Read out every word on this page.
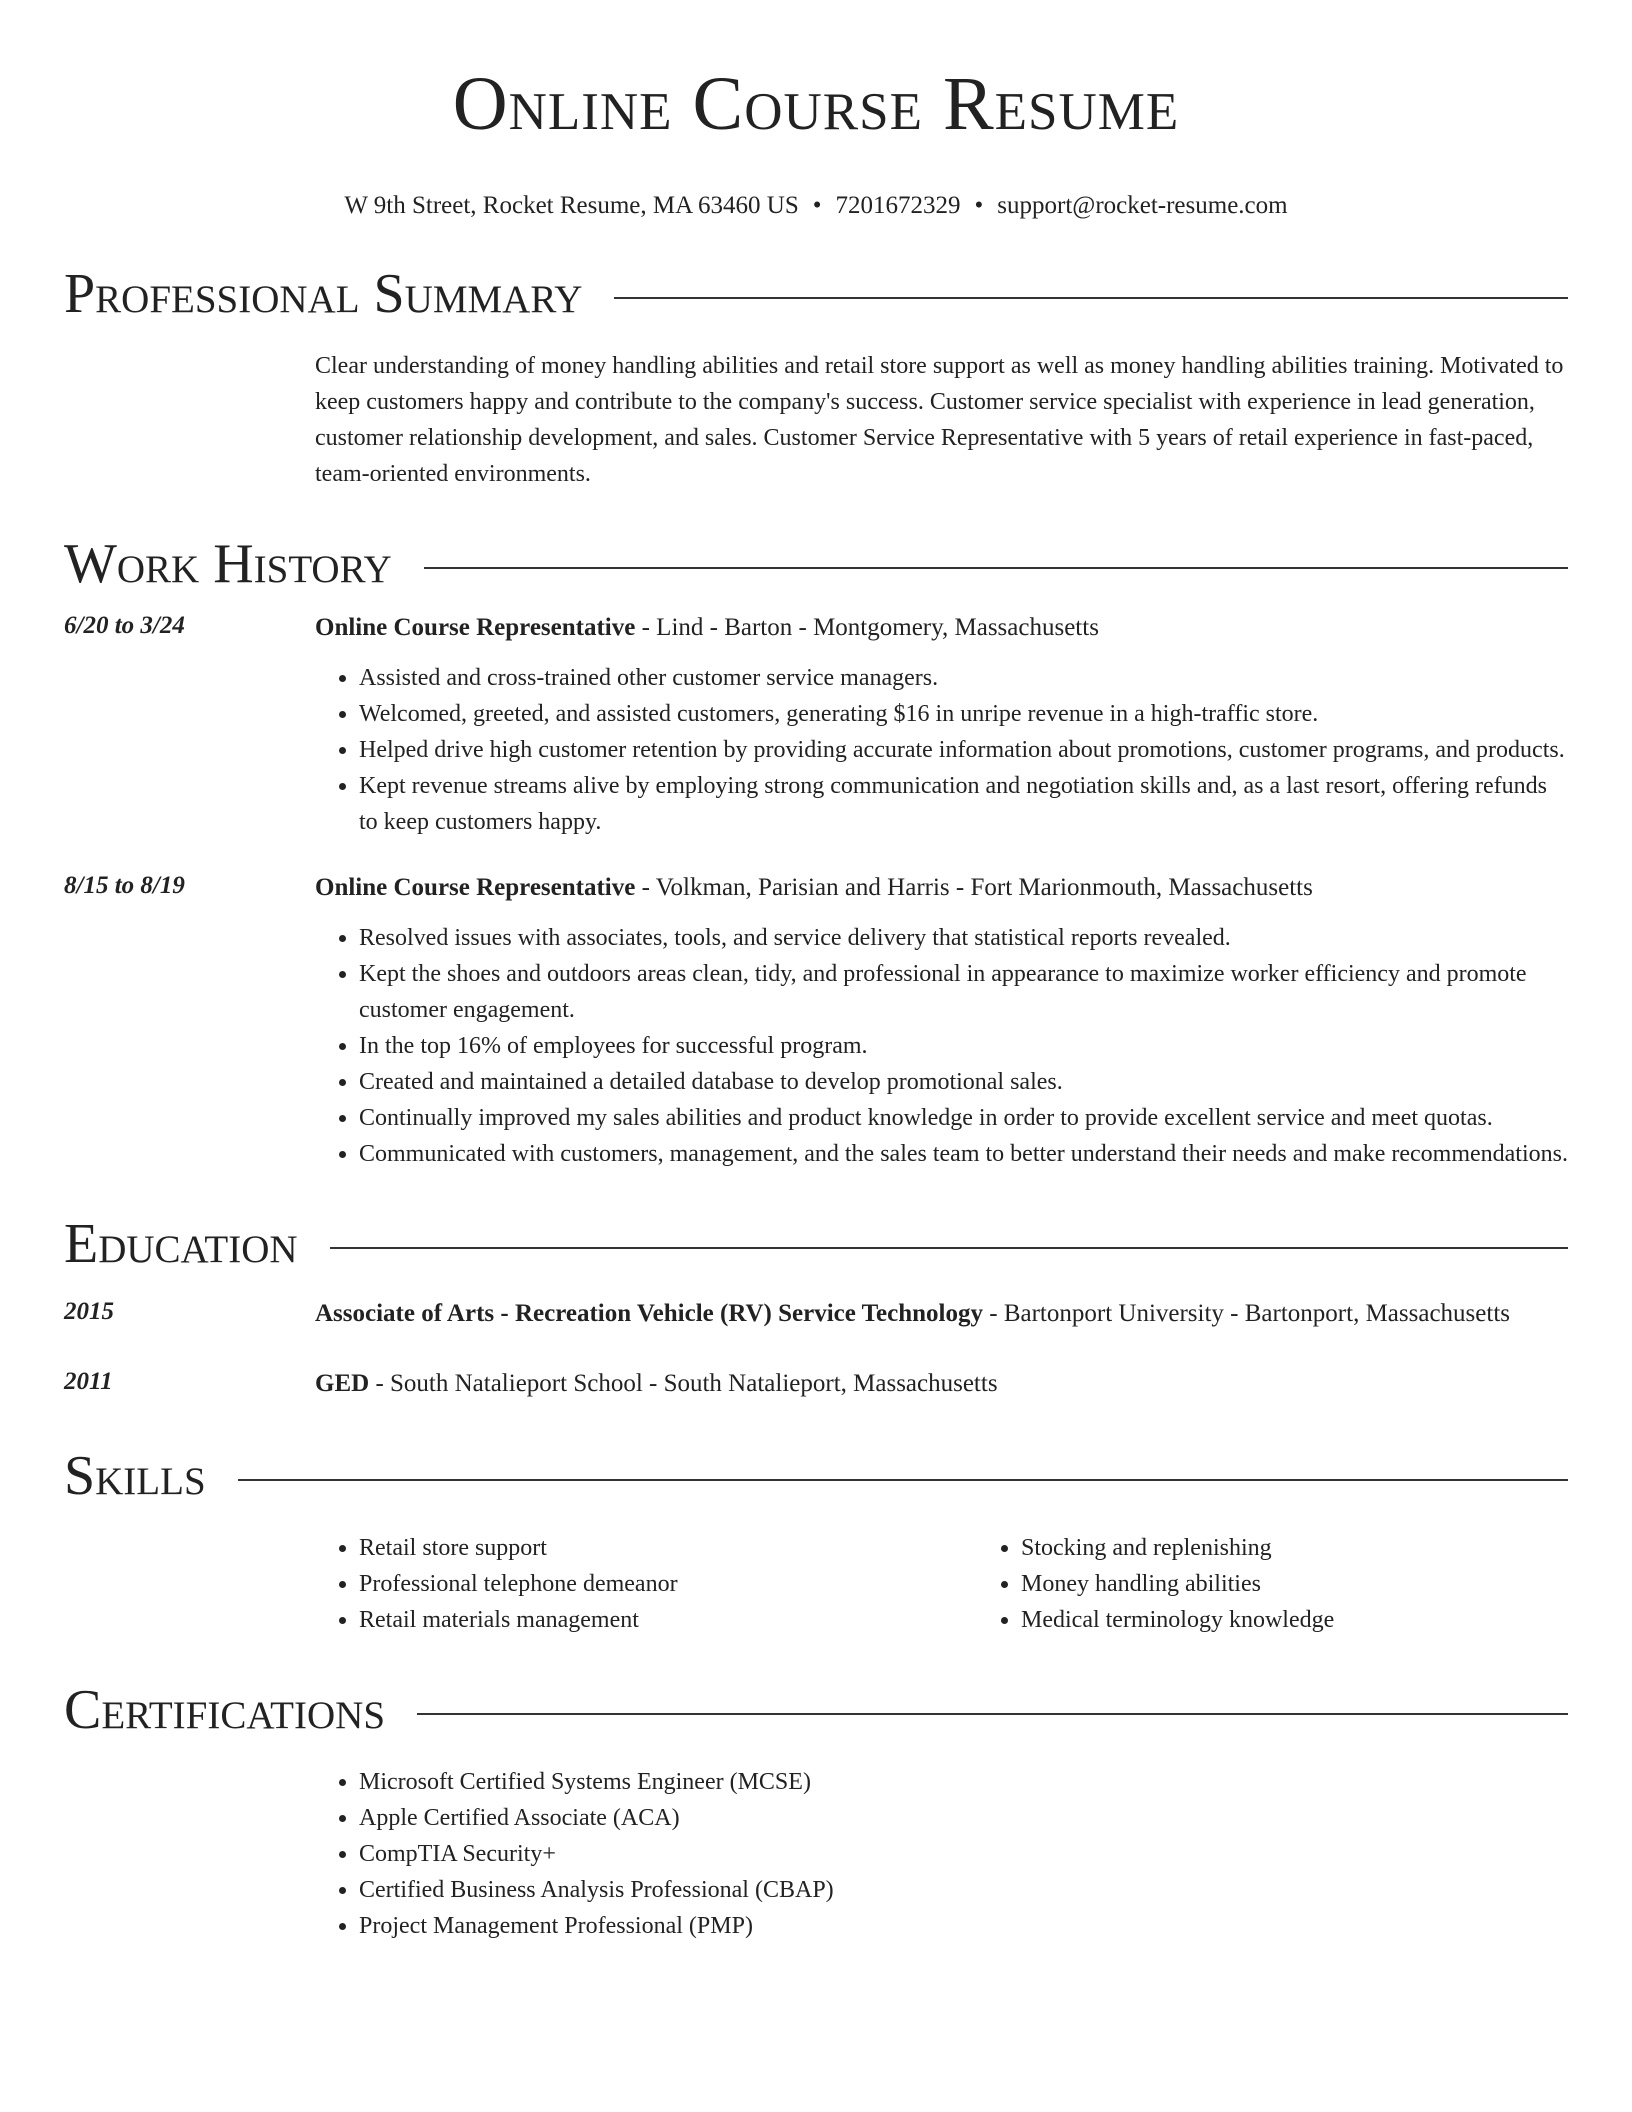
Online Course Resume
W 9th Street, Rocket Resume, MA 63460 US • 7201672329 • support@rocket-resume.com
Professional Summary
Clear understanding of money handling abilities and retail store support as well as money handling abilities training. Motivated to keep customers happy and contribute to the company's success. Customer service specialist with experience in lead generation, customer relationship development, and sales. Customer Service Representative with 5 years of retail experience in fast-paced, team-oriented environments.
Work History
6/20 to 3/24	Online Course Representative - Lind - Barton - Montgomery, Massachusetts
• Assisted and cross-trained other customer service managers.
• Welcomed, greeted, and assisted customers, generating $16 in unripe revenue in a high-traffic store.
• Helped drive high customer retention by providing accurate information about promotions, customer programs, and products.
• Kept revenue streams alive by employing strong communication and negotiation skills and, as a last resort, offering refunds to keep customers happy.
8/15 to 8/19	Online Course Representative - Volkman, Parisian and Harris - Fort Marionmouth, Massachusetts
• Resolved issues with associates, tools, and service delivery that statistical reports revealed.
• Kept the shoes and outdoors areas clean, tidy, and professional in appearance to maximize worker efficiency and promote customer engagement.
• In the top 16% of employees for successful program.
• Created and maintained a detailed database to develop promotional sales.
• Continually improved my sales abilities and product knowledge in order to provide excellent service and meet quotas.
• Communicated with customers, management, and the sales team to better understand their needs and make recommendations.
Education
2015	Associate of Arts - Recreation Vehicle (RV) Service Technology - Bartonport University - Bartonport, Massachusetts
2011	GED - South Natalieport School - South Natalieport, Massachusetts
Skills
• Retail store support
• Professional telephone demeanor
• Retail materials management
• Stocking and replenishing
• Money handling abilities
• Medical terminology knowledge
Certifications
• Microsoft Certified Systems Engineer (MCSE)
• Apple Certified Associate (ACA)
• CompTIA Security+
• Certified Business Analysis Professional (CBAP)
• Project Management Professional (PMP)
